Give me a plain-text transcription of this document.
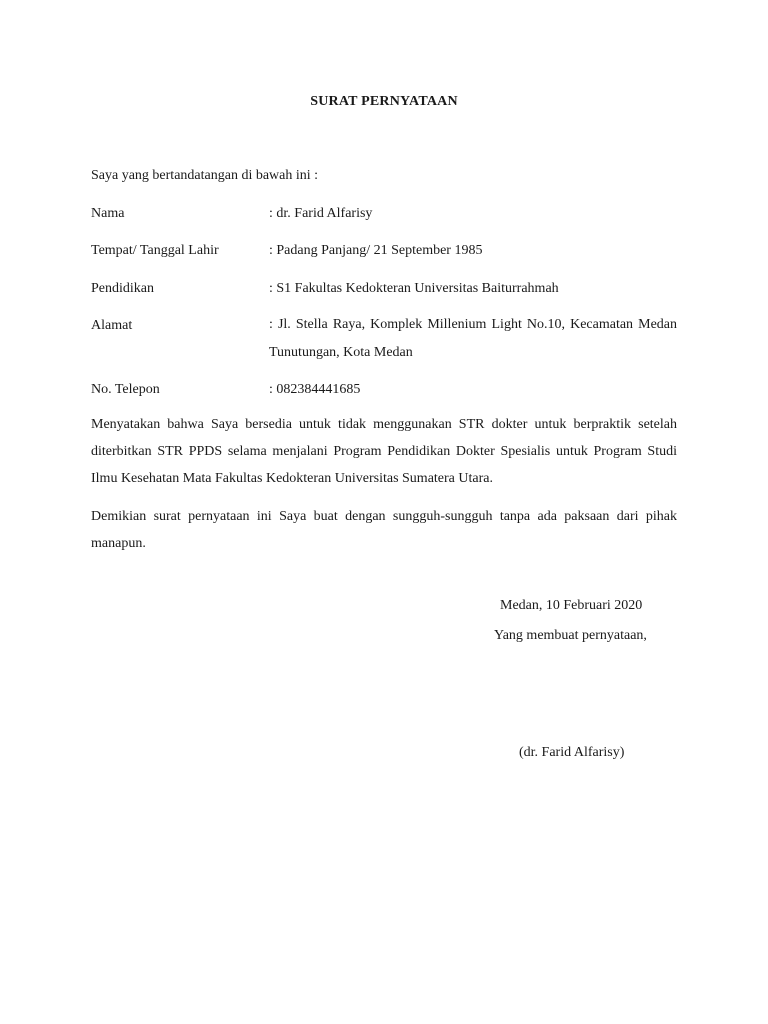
SURAT PERNYATAAN
Saya yang bertandatangan di bawah ini :
Nama	: dr. Farid Alfarisy
Tempat/ Tanggal Lahir	: Padang Panjang/ 21 September 1985
Pendidikan	: S1 Fakultas Kedokteran Universitas Baiturrahmah
Alamat	: Jl. Stella Raya, Komplek Millenium Light No.10, Kecamatan Medan Tunutungan, Kota Medan
No. Telepon	: 082384441685
Menyatakan bahwa Saya bersedia untuk tidak menggunakan STR dokter untuk berpraktik setelah diterbitkan STR PPDS selama menjalani Program Pendidikan Dokter Spesialis untuk Program Studi Ilmu Kesehatan Mata Fakultas Kedokteran Universitas Sumatera Utara.
Demikian surat pernyataan ini Saya buat dengan sungguh-sungguh tanpa ada paksaan dari pihak manapun.
Medan, 10 Februari 2020
Yang membuat pernyataan,
(dr. Farid Alfarisy)
